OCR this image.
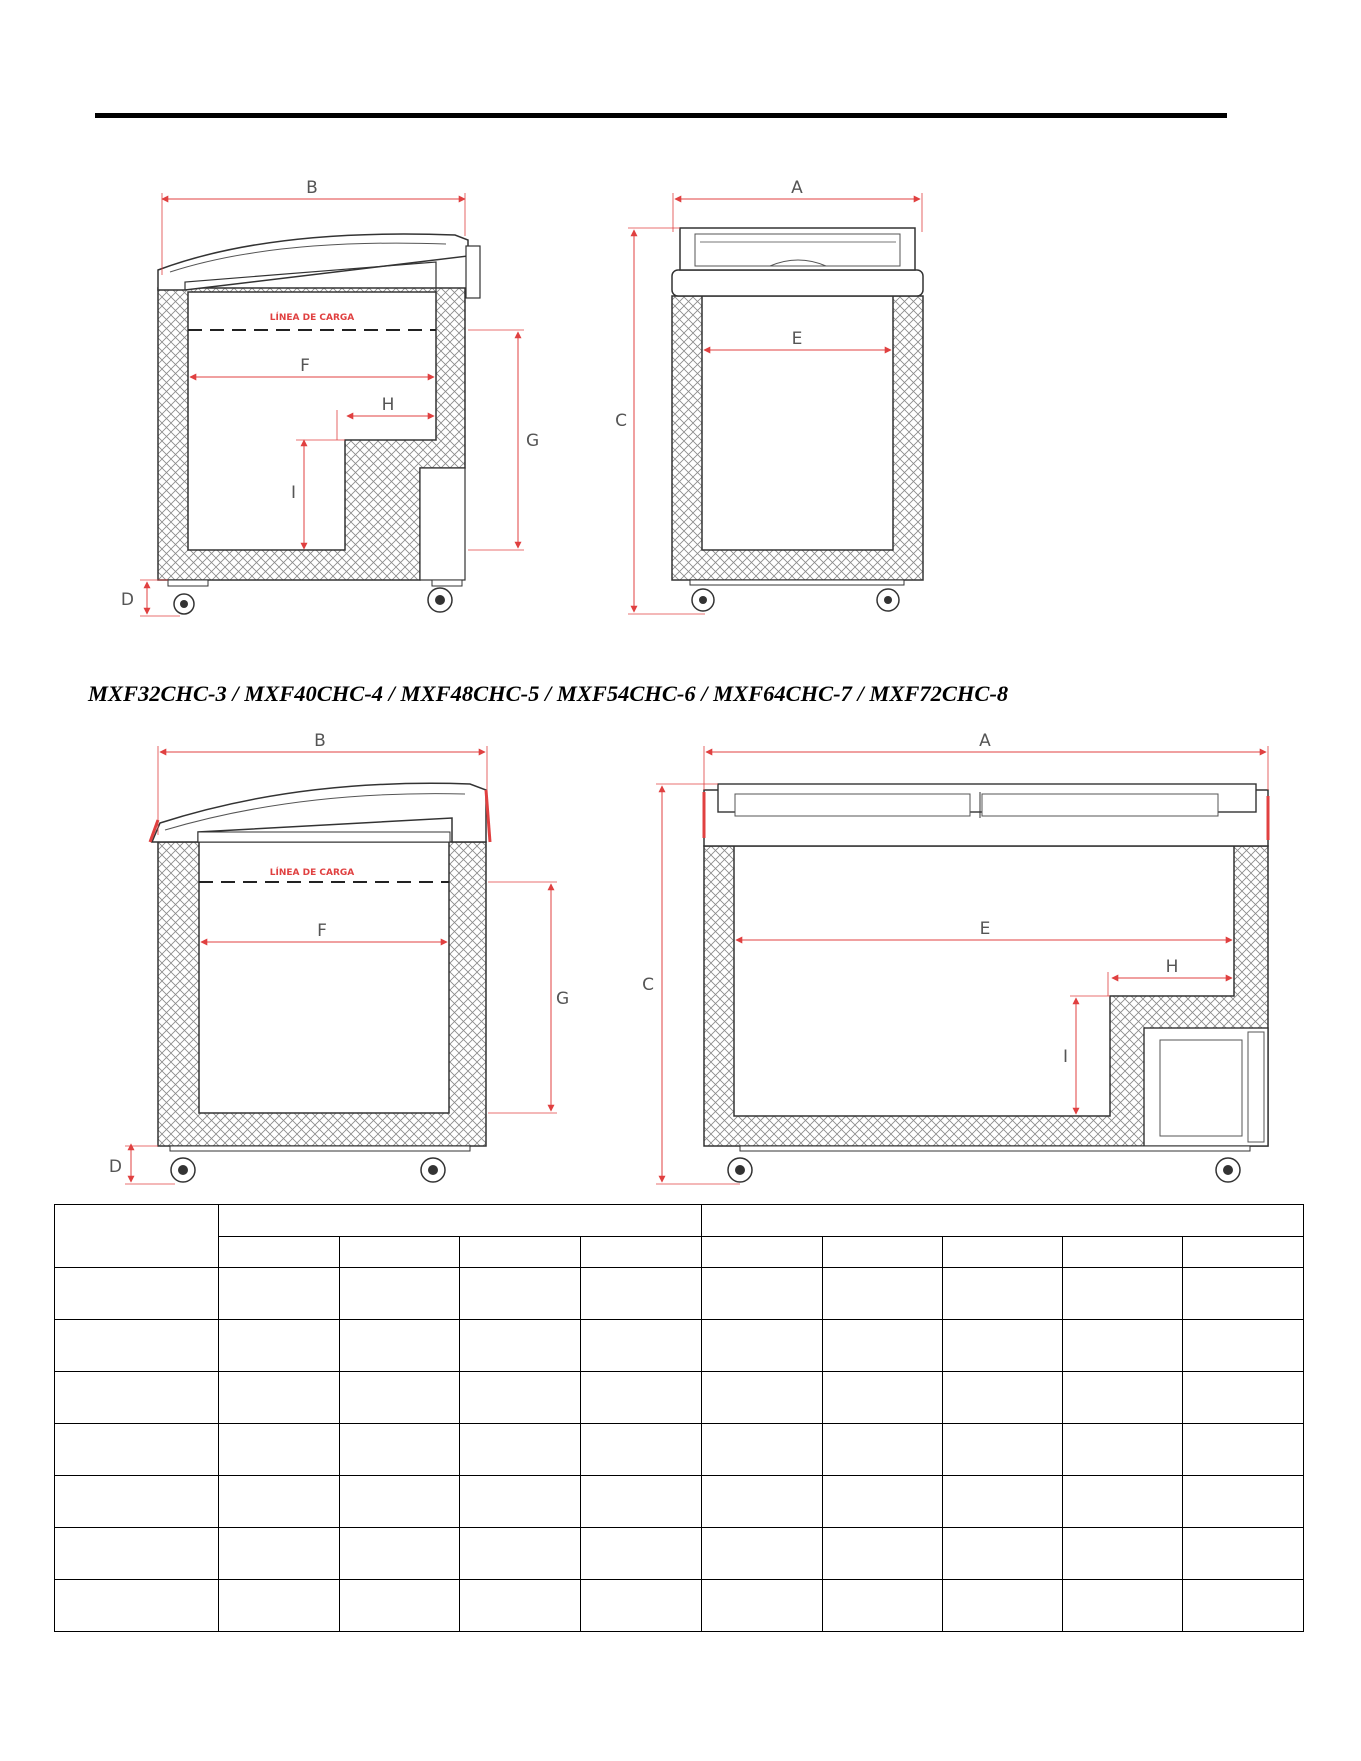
LÍNEA DE CARGA
B
F
H
I
G
D
A
E
C
LÍNEA DE CARGA
B
F
G
D
A
E
H
I
C
MXF32CHC-3 / MXF40CHC-4 / MXF48CHC-5 / MXF54CHC-6 / MXF64CHC-7 / MXF72CHC-8
